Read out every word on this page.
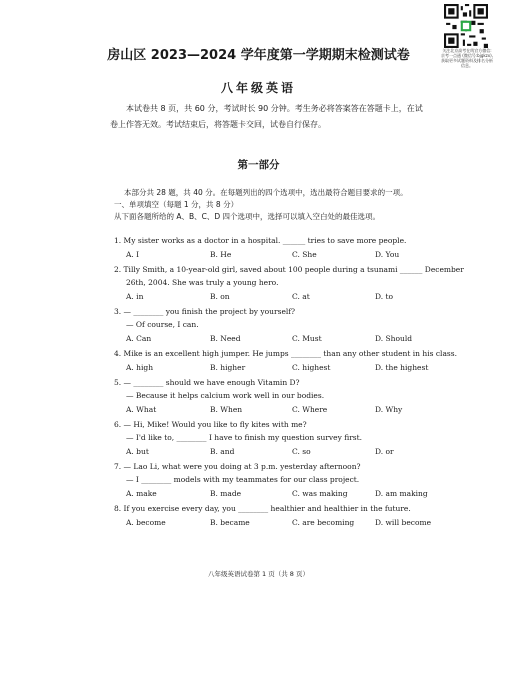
关注北京高考在线官方微信: 京考一点通 (微信号:bjgkzx), 获取更多试题资料及排名分析信息。
房山区 2023—2024 学年度第一学期期末检测试卷
八年级英语

本试卷共 8 页，共 60 分，考试时长 90 分钟。考生务必将答案答在答题卡上，在试

卷上作答无效。考试结束后，将答题卡交回，试卷自行保存。

第一部分
本部分共 28 题，共 40 分。在每题列出的四个选项中，选出最符合题目要求的一项。
一、单项填空（每题 1 分，共 8 分）
从下面各题所给的 A、B、C、D 四个选项中，选择可以填入空白处的最佳选项。
1. My sister works as a doctor in a hospital. ______ tries to save more people.
A. I	B. He	C. She	D. You
2. Tilly Smith, a 10-year-old girl, saved about 100 people during a tsunami ______ December
26th, 2004. She was truly a young hero.
A. in	B. on	C. at	D. to
3. — ________ you finish the project by yourself?
— Of course, I can.
A. Can	B. Need	C. Must	D. Should
4. Mike is an excellent high jumper. He jumps ________ than any other student in his class.
A. high	B. higher	C. highest	D. the highest
5. — ________ should we have enough Vitamin D?
— Because it helps calcium work well in our bodies.
A. What	B. When	C. Where	D. Why
6. — Hi, Mike! Would you like to fly kites with me?
— I'd like to, ________ I have to finish my question survey first.
A. but	B. and	C. so	D. or
7. — Lao Li, what were you doing at 3 p.m. yesterday afternoon?
— I ________ models with my teammates for our class project.
A. make	B. made	C. was making	D. am making
8. If you exercise every day, you ________ healthier and healthier in the future.
A. become	B. became	C. are becoming	D. will become
八年级英语试卷第 1 页（共 8 页）
